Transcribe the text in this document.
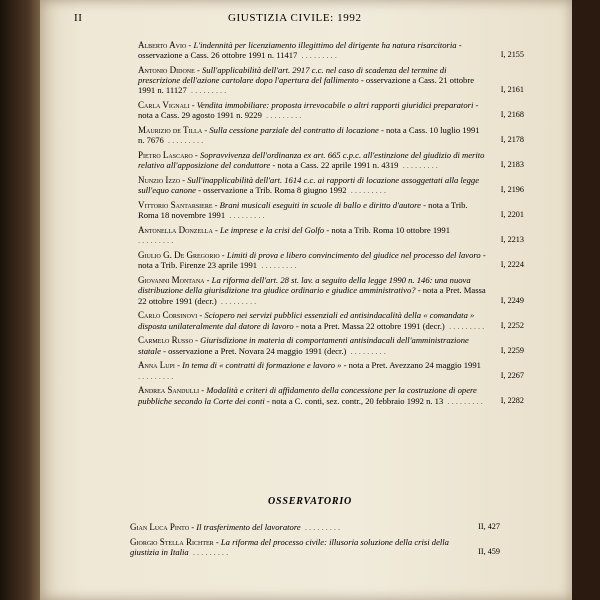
II	GIUSTIZIA CIVILE: 1992
Alberto Avio - L'indennità per licenziamento illegittimo del dirigente ha natura risarcitoria - osservazione a Cass. 26 ottobre 1991 n. 11417 .........	I, 2155
Antonio Didone - Sull'applicabilità dell'art. 2917 c.c. nel caso di scadenza del termine di prescrizione dell'azione cartolare dopo l'apertura del fallimento - osservazione a Cass. 21 ottobre 1991 n. 11127 .........	I, 2161
Carla Vignali - Vendita immobiliare: proposta irrevocabile o altri rapporti giuridici preparatori - nota a Cass. 29 agosto 1991 n. 9229 .........	I, 2168
Maurizio de Tilla - Sulla cessione parziale del contratto di locazione - nota a Cass. 10 luglio 1991 n. 7676 .........	I, 2178
Pietro Lascaro - Sopravvivenza dell'ordinanza ex art. 665 c.p.c. all'estinzione del giudizio di merito relativo all'apposizione del conduttore - nota a Cass. 22 aprile 1991 n. 4319 .........	I, 2183
Nunzio Izzo - Sull'inapplicabilità dell'art. 1614 c.c. ai rapporti di locazione assoggettati alla legge sull'equo canone - osservazione a Trib. Roma 8 giugno 1992 .........	I, 2196
Vittorio Santarsiere - Brani musicali eseguiti in scuole di ballo e diritto d'autore - nota a Trib. Roma 18 novembre 1991 .........	I, 2201
Antonella Donzella - Le imprese e la crisi del Golfo - nota a Trib. Roma 10 ottobre 1991 .........	I, 2213
Giulio G. De Gregorio - Limiti di prova e libero convincimento del giudice nel processo del lavoro - nota a Trib. Firenze 23 aprile 1991 .........	I, 2224
Giovanni Montana - La riforma dell'art. 28 st. lav. a seguito della legge 1990 n. 146: una nuova distribuzione della giurisdizione tra giudice ordinario e giudice amministrativo? - nota a Pret. Massa 22 ottobre 1991 (decr.) .........	I, 2249
Carlo Corsinovi - Sciopero nei servizi pubblici essenziali ed antisindacalità della « comandata » disposta unilateralmente dal datore di lavoro - nota a Pret. Massa 22 ottobre 1991 (decr.) .........	I, 2252
Carmelo Russo - Giurisdizione in materia di comportamenti antisindacali dell'amministrazione statale - osservazione a Pret. Novara 24 maggio 1991 (decr.) .........	I, 2259
Anna Lupi - In tema di « contratti di formazione e lavoro » - nota a Pret. Avezzano 24 maggio 1991 .........	I, 2267
Andrea Sandulli - Modalità e criteri di affidamento della concessione per la costruzione di opere pubbliche secondo la Corte dei conti - nota a C. conti, sez. contr., 20 febbraio 1992 n. 13 .........	I, 2282
OSSERVATORIO
Gian Luca Pinto - Il trasferimento del lavoratore .........	II, 427
Giorgio Stella Richter - La riforma del processo civile: illusoria soluzione della crisi della giustizia in Italia .........	II, 459
